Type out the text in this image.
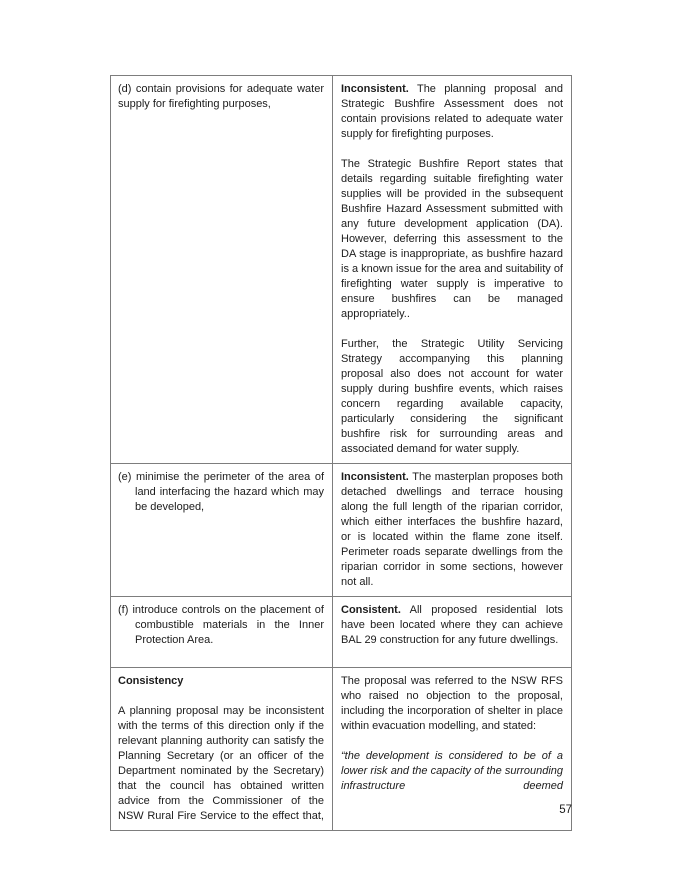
(d) contain provisions for adequate water supply for firefighting purposes,

Inconsistent. The planning proposal and Strategic Bushfire Assessment does not contain provisions related to adequate water supply for firefighting purposes.

The Strategic Bushfire Report states that details regarding suitable firefighting water supplies will be provided in the subsequent Bushfire Hazard Assessment submitted with any future development application (DA). However, deferring this assessment to the DA stage is inappropriate, as bushfire hazard is a known issue for the area and suitability of firefighting water supply is imperative to ensure bushfires can be managed appropriately..

Further, the Strategic Utility Servicing Strategy accompanying this planning proposal also does not account for water supply during bushfire events, which raises concern regarding available capacity, particularly considering the significant bushfire risk for surrounding areas and associated demand for water supply.

(e) minimise the perimeter of the area of land interfacing the hazard which may be developed,

Inconsistent. The masterplan proposes both detached dwellings and terrace housing along the full length of the riparian corridor, which either interfaces the bushfire hazard, or is located within the flame zone itself. Perimeter roads separate dwellings from the riparian corridor in some sections, however not all.

(f) introduce controls on the placement of combustible materials in the Inner Protection Area.

Consistent. All proposed residential lots have been located where they can achieve BAL 29 construction for any future dwellings.

Consistency

A planning proposal may be inconsistent with the terms of this direction only if the relevant planning authority can satisfy the Planning Secretary (or an officer of the Department nominated by the Secretary) that the council has obtained written advice from the Commissioner of the NSW Rural Fire Service to the effect that,

The proposal was referred to the NSW RFS who raised no objection to the proposal, including the incorporation of shelter in place within evacuation modelling, and stated:

“the development is considered to be of a lower risk and the capacity of the surrounding infrastructure deemed

57
